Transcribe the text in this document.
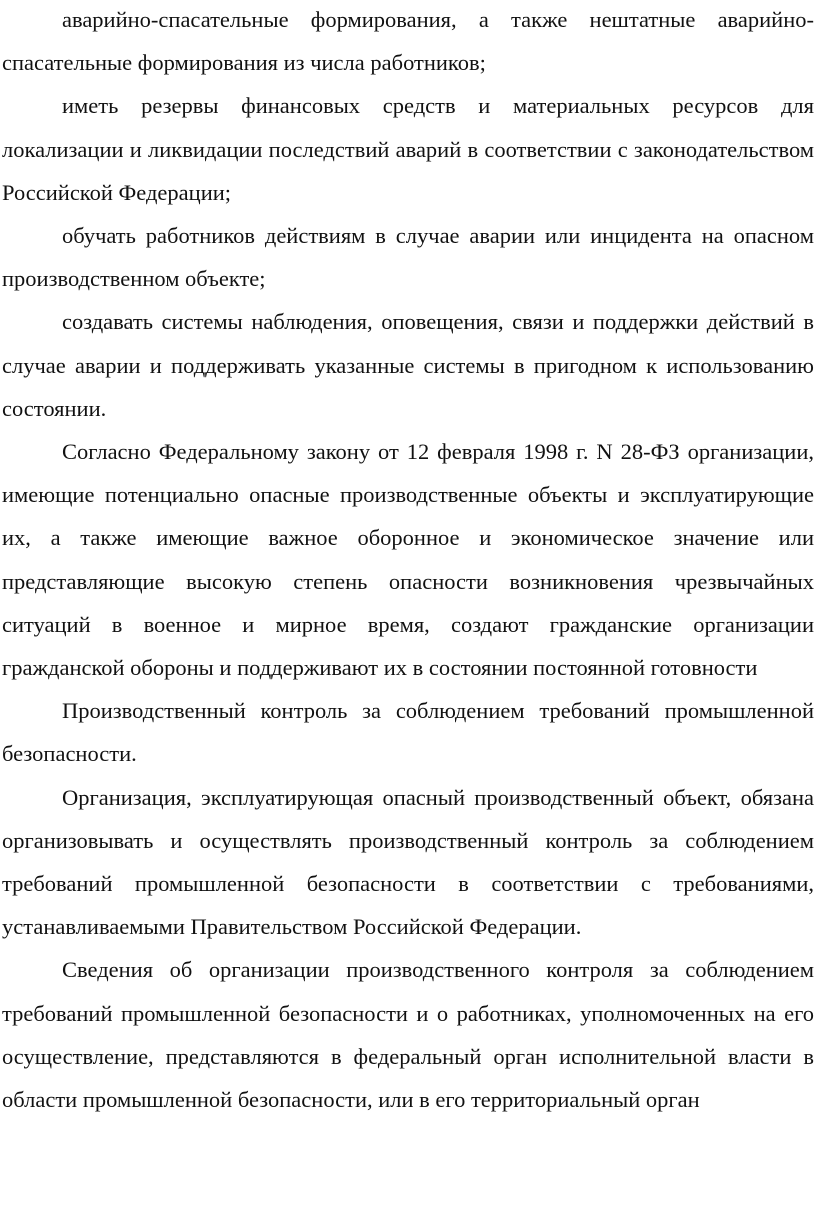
аварийно-спасательные формирования, а также нештатные аварийно-спасательные формирования из числа работников;

иметь резервы финансовых средств и материальных ресурсов для локализации и ликвидации последствий аварий в соответствии с законодательством Российской Федерации;

обучать работников действиям в случае аварии или инцидента на опасном производственном объекте;

создавать системы наблюдения, оповещения, связи и поддержки действий в случае аварии и поддерживать указанные системы в пригодном к использованию состоянии.

Согласно Федеральному закону от 12 февраля 1998 г. N 28-ФЗ организации, имеющие потенциально опасные производственные объекты и эксплуатирующие их, а также имеющие важное оборонное и экономическое значение или представляющие высокую степень опасности возникновения чрезвычайных ситуаций в военное и мирное время, создают гражданские организации гражданской обороны и поддерживают их в состоянии постоянной готовности

Производственный контроль за соблюдением требований промышленной безопасности.

Организация, эксплуатирующая опасный производственный объект, обязана организовывать и осуществлять производственный контроль за соблюдением требований промышленной безопасности в соответствии с требованиями, устанавливаемыми Правительством Российской Федерации.

Сведения об организации производственного контроля за соблюдением требований промышленной безопасности и о работниках, уполномоченных на его осуществление, представляются в федеральный орган исполнительной власти в области промышленной безопасности, или в его территориальный орган
